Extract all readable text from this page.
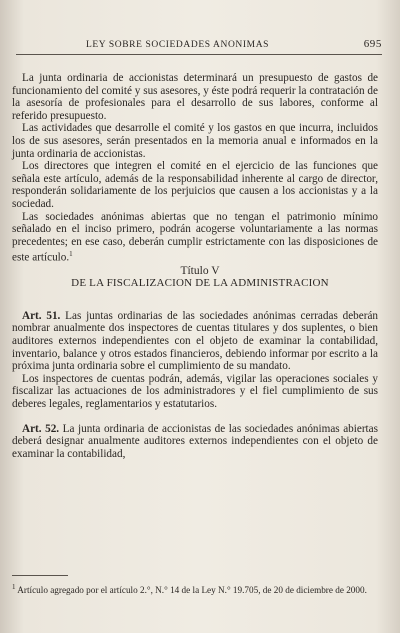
LEY SOBRE SOCIEDADES ANONIMAS	695

La junta ordinaria de accionistas determinará un presupuesto de gastos de funcionamiento del comité y sus asesores, y éste podrá requerir la contratación de la asesoría de profesionales para el desarrollo de sus labores, conforme al referido presupuesto.

Las actividades que desarrolle el comité y los gastos en que incurra, incluidos los de sus asesores, serán presentados en la memoria anual e informados en la junta ordinaria de accionistas.

Los directores que integren el comité en el ejercicio de las funciones que señala este artículo, además de la responsabilidad inherente al cargo de director, responderán solidariamente de los perjuicios que causen a los accionistas y a la sociedad.

Las sociedades anónimas abiertas que no tengan el patrimonio mínimo señalado en el inciso primero, podrán acogerse voluntariamente a las normas precedentes; en ese caso, deberán cumplir estrictamente con las disposiciones de este artículo.$^1$

Título V

DE LA FISCALIZACION DE LA ADMINISTRACION

Art. 51. Las juntas ordinarias de las sociedades anónimas cerradas deberán nombrar anualmente dos inspectores de cuentas titulares y dos suplentes, o bien auditores externos independientes con el objeto de examinar la contabilidad, inventario, balance y otros estados financieros, debiendo informar por escrito a la próxima junta ordinaria sobre el cumplimiento de su mandato.

Los inspectores de cuentas podrán, además, vigilar las operaciones sociales y fiscalizar las actuaciones de los administradores y el fiel cumplimiento de sus deberes legales, reglamentarios y estatutarios.

Art. 52. La junta ordinaria de accionistas de las sociedades anónimas abiertas deberá designar anualmente auditores externos independientes con el objeto de examinar la contabilidad,

$^1$ Artículo agregado por el artículo 2.°, N.° 14 de la Ley N.° 19.705, de 20 de diciembre de 2000.
